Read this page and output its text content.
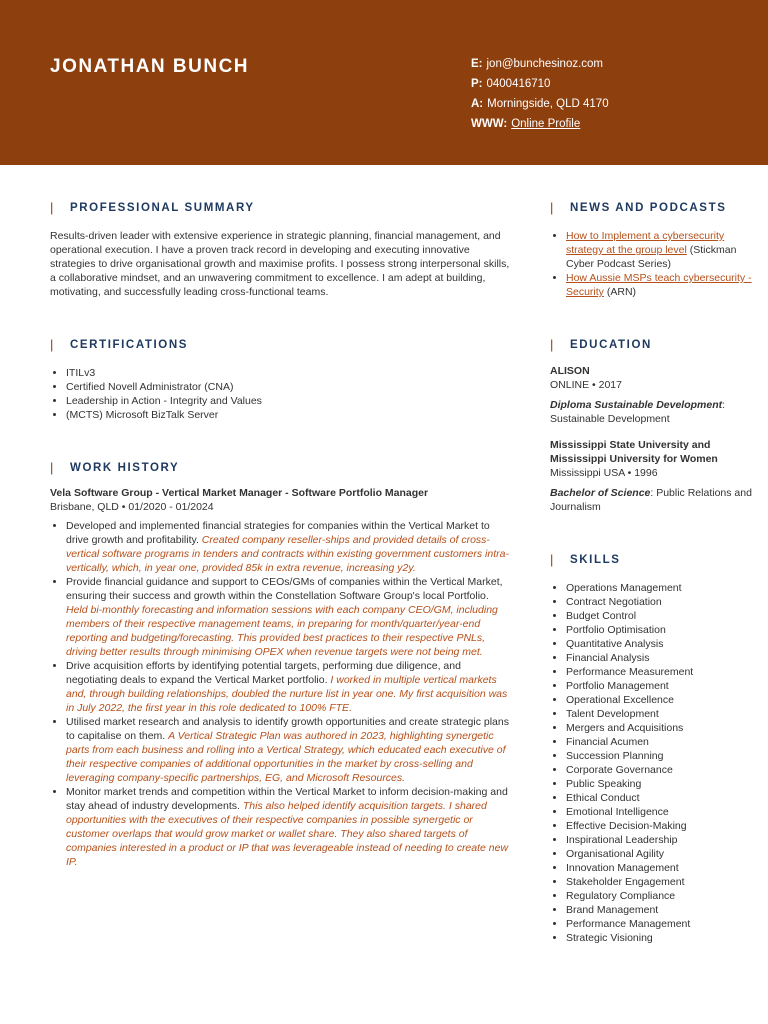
JONATHAN BUNCH	E: jon@bunchesinoz.com
P: 0400416710
A: Morningside, QLD 4170
WWW: Online Profile
|	PROFESSIONAL SUMMARY
Results-driven leader with extensive experience in strategic planning, financial management, and operational execution. I have a proven track record in developing and executing innovative strategies to drive organisational growth and maximise profits. I possess strong interpersonal skills, a collaborative mindset, and an unwavering commitment to excellence. I am adept at building, motivating, and successfully leading cross-functional teams.
|	CERTIFICATIONS
• ITILv3
• Certified Novell Administrator (CNA)
• Leadership in Action - Integrity and Values
• (MCTS) Microsoft BizTalk Server
|	WORK HISTORY
Vela Software Group - Vertical Market Manager - Software Portfolio Manager
Brisbane, QLD • 01/2020 - 01/2024
• Developed and implemented financial strategies for companies within the Vertical Market to drive growth and profitability. Created company reseller-ships and provided details of cross-vertical software programs in tenders and contracts within existing government customers intra-vertically, which, in year one, provided 85k in extra revenue, increasing y2y.
• Provide financial guidance and support to CEOs/GMs of companies within the Vertical Market, ensuring their success and growth within the Constellation Software Group's local Portfolio. Held bi-monthly forecasting and information sessions with each company CEO/GM, including members of their respective management teams, in preparing for month/quarter/year-end reporting and budgeting/forecasting. This provided best practices to their respective PNLs, driving better results through minimising OPEX when revenue targets were not being met.
• Drive acquisition efforts by identifying potential targets, performing due diligence, and negotiating deals to expand the Vertical Market portfolio. I worked in multiple vertical markets and, through building relationships, doubled the nurture list in year one. My first acquisition was in July 2022, the first year in this role dedicated to 100% FTE.
• Utilised market research and analysis to identify growth opportunities and create strategic plans to capitalise on them. A Vertical Strategic Plan was authored in 2023, highlighting synergetic parts from each business and rolling into a Vertical Strategy, which educated each executive of their respective companies of additional opportunities in the market by cross-selling and leveraging company-specific partnerships, EG, and Microsoft Resources.
• Monitor market trends and competition within the Vertical Market to inform decision-making and stay ahead of industry developments. This also helped identify acquisition targets. I shared opportunities with the executives of their respective companies in possible synergetic or customer overlaps that would grow market or wallet share. They also shared targets of companies interested in a product or IP that was leverageable instead of needing to create new IP.
|	NEWS AND PODCASTS
• How to Implement a cybersecurity strategy at the group level (Stickman Cyber Podcast Series)
• How Aussie MSPs teach cybersecurity - Security (ARN)
|	EDUCATION
ALISON
ONLINE • 2017
Diploma Sustainable Development: Sustainable Development
Mississippi State University and Mississippi University for Women
Mississippi USA • 1996
Bachelor of Science: Public Relations and Journalism
|	SKILLS
• Operations Management
• Contract Negotiation
• Budget Control
• Portfolio Optimisation
• Quantitative Analysis
• Financial Analysis
• Performance Measurement
• Portfolio Management
• Operational Excellence
• Talent Development
• Mergers and Acquisitions
• Financial Acumen
• Succession Planning
• Corporate Governance
• Public Speaking
• Ethical Conduct
• Emotional Intelligence
• Effective Decision-Making
• Inspirational Leadership
• Organisational Agility
• Innovation Management
• Stakeholder Engagement
• Regulatory Compliance
• Brand Management
• Performance Management
• Strategic Visioning
